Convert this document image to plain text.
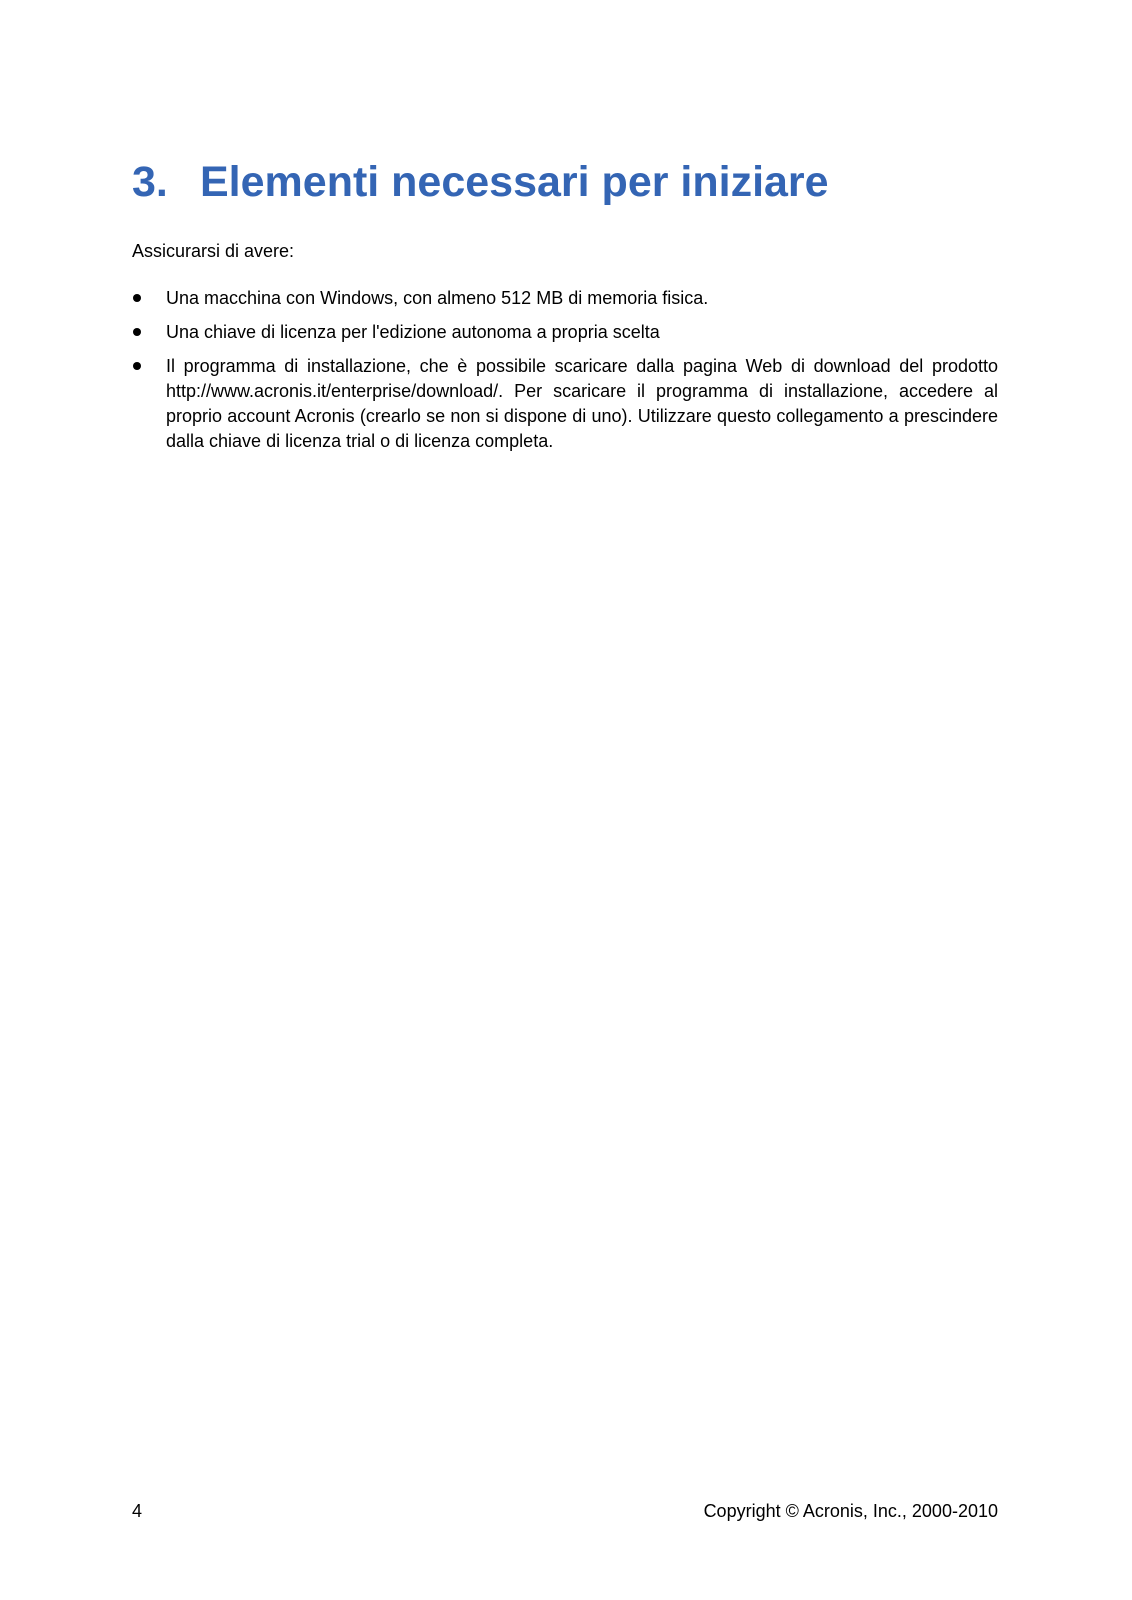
3. Elementi necessari per iniziare

Assicurarsi di avere:

Una macchina con Windows, con almeno 512 MB di memoria fisica.
Una chiave di licenza per l'edizione autonoma a propria scelta
Il programma di installazione, che è possibile scaricare dalla pagina Web di download del prodotto http://www.acronis.it/enterprise/download/. Per scaricare il programma di installazione, accedere al proprio account Acronis (crearlo se non si dispone di uno). Utilizzare questo collegamento a prescindere dalla chiave di licenza trial o di licenza completa.
4	Copyright © Acronis, Inc., 2000-2010
